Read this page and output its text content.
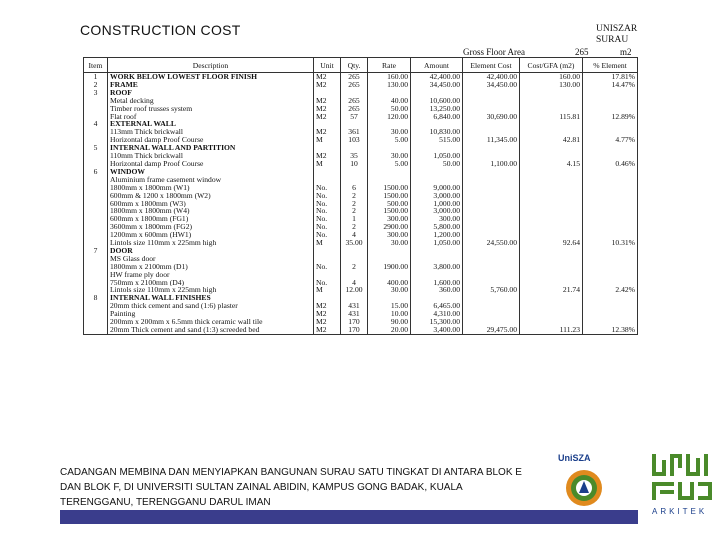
CONSTRUCTION COST	UNISZAR
SURAU
Gross Floor Area	265	m2
Item	Description	Unit	Qty.	Rate	Amount	Element Cost	Cost/GFA (m2)	% Element
1	WORK BELOW LOWEST FLOOR FINISH	M2	265	160.00	42,400.00	42,400.00	160.00	17.81%
2	FRAME	M2	265	130.00	34,450.00	34,450.00	130.00	14.47%
3	ROOF							
	Metal decking	M2	265	40.00	10,600.00			
	Timber roof trusses system	M2	265	50.00	13,250.00			
	Flat roof	M2	57	120.00	6,840.00	30,690.00	115.81	12.89%
4	EXTERNAL WALL							
	113mm Thick brickwall	M2	361	30.00	10,830.00			
	Horizontal damp Proof Course	M	103	5.00	515.00	11,345.00	42.81	4.77%
5	INTERNAL WALL AND PARTITION							
	110mm Thick brickwall	M2	35	30.00	1,050.00			
	Horizontal damp Proof Course	M	10	5.00	50.00	1,100.00	4.15	0.46%
6	WINDOW							
	Aluminium frame casement window							
	1800mm x 1800mm (W1)	No.	6	1500.00	9,000.00			
	600mm & 1200 x 1800mm (W2)	No.	2	1500.00	3,000.00			
	600mm x 1800mm (W3)	No.	2	500.00	1,000.00			
	1800mm x 1800mm (W4)	No.	2	1500.00	3,000.00			
	600mm x 1800mm (FG1)	No.	1	300.00	300.00			
	3600mm x 1800mm (FG2)	No.	2	2900.00	5,800.00			
	1200mm x 600mm (HW1)	No.	4	300.00	1,200.00			
	Lintols size 110mm x 225mm high	M	35.00	30.00	1,050.00	24,550.00	92.64	10.31%
7	DOOR							
	MS Glass door							
	1800mm x 2100mm (D1)	No.	2	1900.00	3,800.00			
	HW frame ply door							
	750mm x 2100mm (D4)	No.	4	400.00	1,600.00			
	Lintols size 110mm x 225mm high	M	12.00	30.00	360.00	5,760.00	21.74	2.42%
8	INTERNAL WALL FINISHES							
	20mm thick cement and sand (1:6) plaster	M2	431	15.00	6,465.00			
	Painting	M2	431	10.00	4,310.00			
	200mm x 200mm x 6.5mm thick ceramic wall tile	M2	170	90.00	15,300.00			
	20mm Thick cement and sand (1:3) screeded bed	M2	170	20.00	3,400.00	29,475.00	111.23	12.38%
CADANGAN MEMBINA DAN MENYIAPKAN BANGUNAN SURAU SATU TINGKAT DI ANTARA BLOK E DAN BLOK F, DI UNIVERSITI SULTAN ZAINAL ABIDIN, KAMPUS GONG BADAK, KUALA TERENGGANU, TERENGGANU DARUL IMAN
UniSZA
ARKITEK
